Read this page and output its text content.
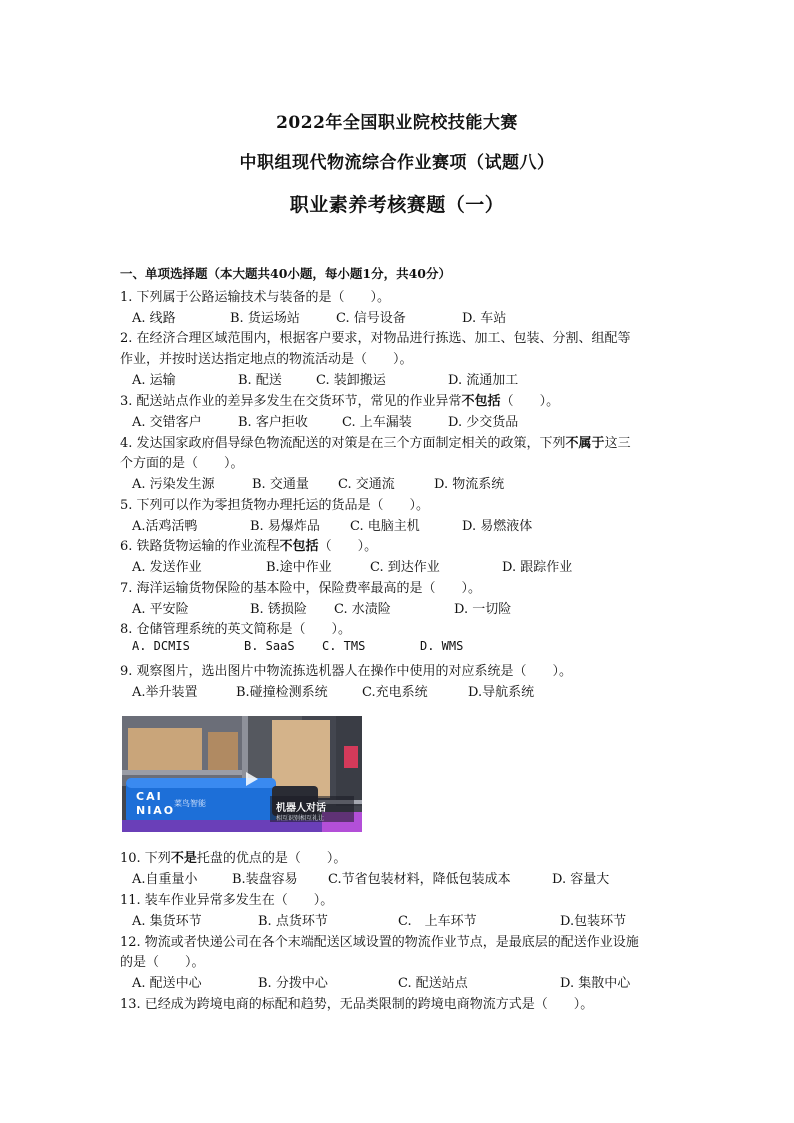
2022年全国职业院校技能大赛
中职组现代物流综合作业赛项（试题八）
职业素养考核赛题（一）
一、单项选择题（本大题共40小题，每小题1分，共40分）
1. 下列属于公路运输技术与装备的是（　　）。
A. 线路	B. 货运场站	C. 信号设备	D. 车站
2. 在经济合理区域范围内，根据客户要求，对物品进行拣选、加工、包装、分割、组配等
作业，并按时送达指定地点的物流活动是（　　）。
A. 运输	B. 配送	C. 装卸搬运	D. 流通加工
3. 配送站点作业的差异多发生在交货环节，常见的作业异常不包括（　　）。
A. 交错客户	B. 客户拒收	C. 上车漏装	D. 少交货品
4. 发达国家政府倡导绿色物流配送的对策是在三个方面制定相关的政策，下列不属于这三
个方面的是（　　）。
A. 污染发生源	B. 交通量 C. 交通流	D. 物流系统
5. 下列可以作为零担货物办理托运的货品是（　　）。
A.活鸡活鸭	B. 易爆炸品 C. 电脑主机	D. 易燃液体
6. 铁路货物运输的作业流程不包括（　　）。
A. 发送作业	B.途中作业	C. 到达作业	D. 跟踪作业
7. 海洋运输货物保险的基本险中，保险费率最高的是（　　）。
A. 平安险	B. 锈损险 C. 水渍险	D. 一切险
8. 仓储管理系统的英文简称是（　　）。
A. DCMIS	B. SaaS C. TMS	D. WMS
9. 观察图片，选出图片中物流拣选机器人在操作中使用的对应系统是（　　）。
A.举升装置	B.碰撞检测系统	C.充电系统	D.导航系统
CAI
NIAO
菜鸟智能	机器人对话
相互识别相互礼让
10. 下列不是托盘的优点的是（　　）。
A.自重量小	B.装盘容易 C.节省包装材料，降低包装成本	D. 容量大
11. 装车作业异常多发生在（　　）。
A. 集货环节	B. 点货环节	C.　上车环节	D.包装环节
12. 物流或者快递公司在各个末端配送区域设置的物流作业节点，是最底层的配送作业设施
的是（　　）。
A. 配送中心	B. 分拨中心	C. 配送站点	D. 集散中心
13. 已经成为跨境电商的标配和趋势，无品类限制的跨境电商物流方式是（　　）。
